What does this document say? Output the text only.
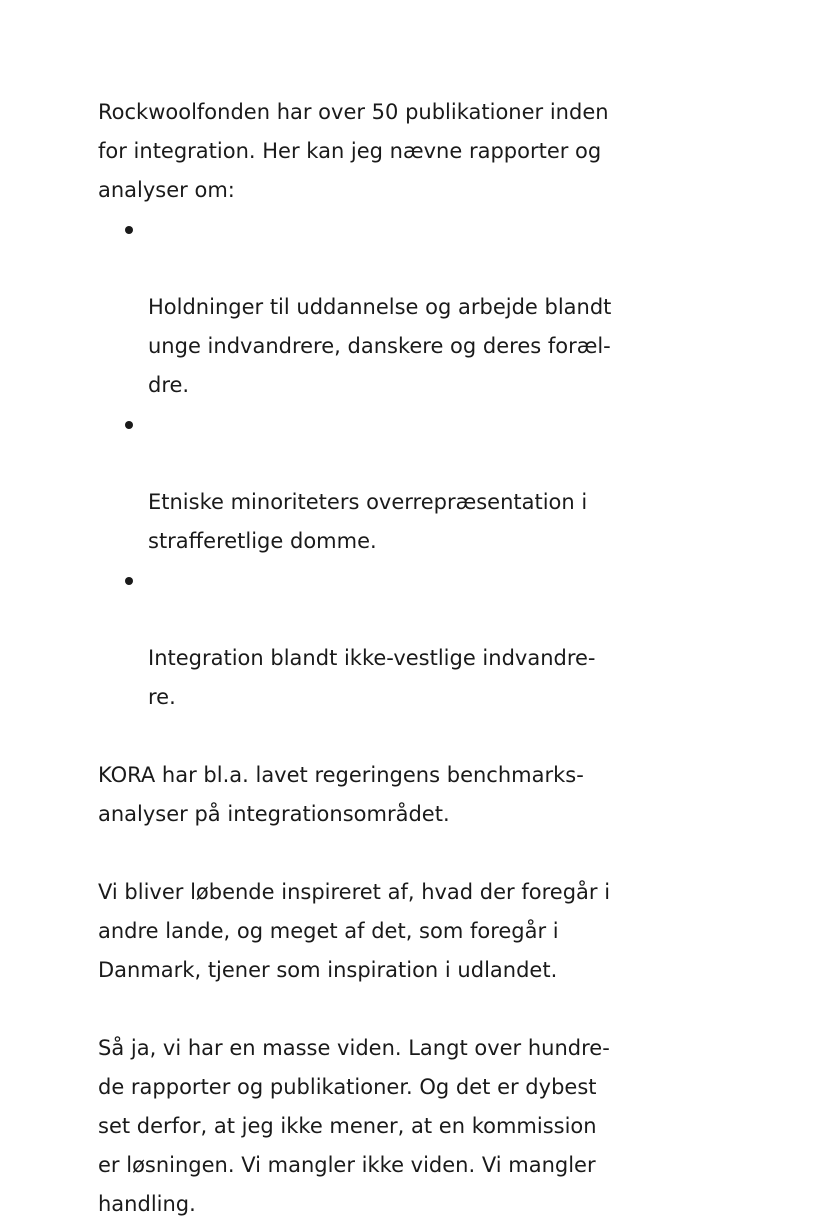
Rockwoolfonden har over 50 publikationer inden
for integration. Her kan jeg nævne rapporter og
analyser om:

Holdninger til uddannelse og arbejde blandt
unge indvandrere, danskere og deres foræl-
dre.

Etniske minoriteters overrepræsentation i
strafferetlige domme.

Integration blandt ikke-vestlige indvandre-
re.

KORA har bl.a. lavet regeringens benchmarks-
analyser på integrationsområdet.

Vi bliver løbende inspireret af, hvad der foregår i
andre lande, og meget af det, som foregår i
Danmark, tjener som inspiration i udlandet.

Så ja, vi har en masse viden. Langt over hundre-
de rapporter og publikationer. Og det er dybest
set derfor, at jeg ikke mener, at en kommission
er løsningen. Vi mangler ikke viden. Vi mangler
handling.
